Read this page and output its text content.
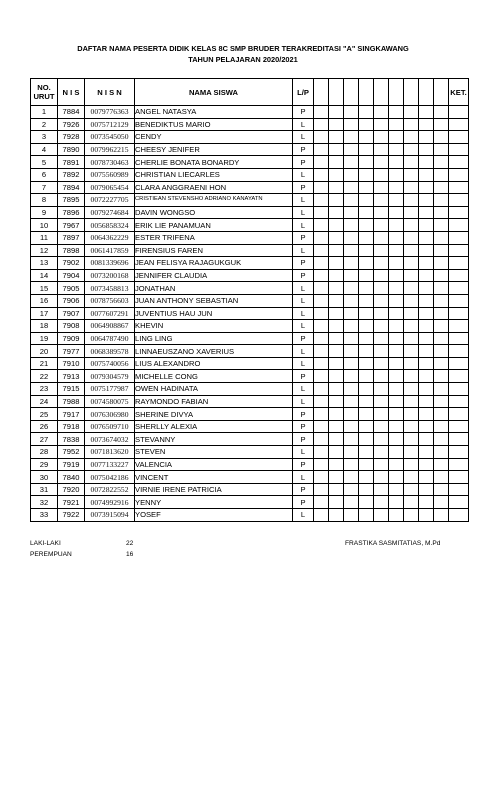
DAFTAR NAMA PESERTA DIDIK KELAS 8C SMP BRUDER TERAKREDITASI "A" SINGKAWANG
TAHUN PELAJARAN 2020/2021
NO.
URUT	N I S	N I S N	NAMA SISWA	L/P										KET.
1	7884	0079776363	ANGEL NATASYA	P										
2	7926	0075712129	BENEDIKTUS MARIO	L										
3	7928	0073545050	CENDY	L										
4	7890	0079962215	CHEESY JENIFER	P										
5	7891	0078730463	CHERLIE BONATA BONARDY	P										
6	7892	0075560989	CHRISTIAN LIECARLES	L										
7	7894	0079065454	CLARA ANGGRAENI HON	P										
8	7895	0072227705	CRISTIEAN STEVENSHO ADRIANO KANAYATN	L										
9	7896	0079274684	DAVIN WONGSO	L										
10	7967	0056858324	ERIK LIE PANAMUAN	L										
11	7897	0064362229	ESTER TRIFENA	P										
12	7898	0061417859	FIRENSIUS FAREN	L										
13	7902	0081339696	JEAN FELISYA RAJAGUKGUK	P										
14	7904	0073200168	JENNIFER CLAUDIA	P										
15	7905	0073458813	JONATHAN	L										
16	7906	0078756603	JUAN ANTHONY SEBASTIAN	L										
17	7907	0077607291	JUVENTIUS HAU JUN	L										
18	7908	0064908867	KHEVIN	L										
19	7909	0064787490	LING LING	P										
20	7977	0068389578	LINNAEUSZANO XAVERIUS	L										
21	7910	0075740056	LIUS ALEXANDRO	L										
22	7913	0079304579	MICHELLE CONG	P										
23	7915	0075177987	OWEN HADINATA	L										
24	7988	0074580075	RAYMONDO FABIAN	L										
25	7917	0076306980	SHERINE DIVYA	P										
26	7918	0076509710	SHERLLY ALEXIA	P										
27	7838	0073674032	STEVANNY	P										
28	7952	0071813620	STEVEN	L										
29	7919	0077133227	VALENCIA	P										
30	7840	0075042186	VINCENT	L										
31	7920	0072822552	VIRNIE IRENE PATRICIA	P										
32	7921	0074992916	YENNY	P										
33	7922	0073915094	YOSEF	L										
LAKI-LAKI	22
PEREMPUAN	16
FRASTIKA SASMITATIAS, M.Pd
